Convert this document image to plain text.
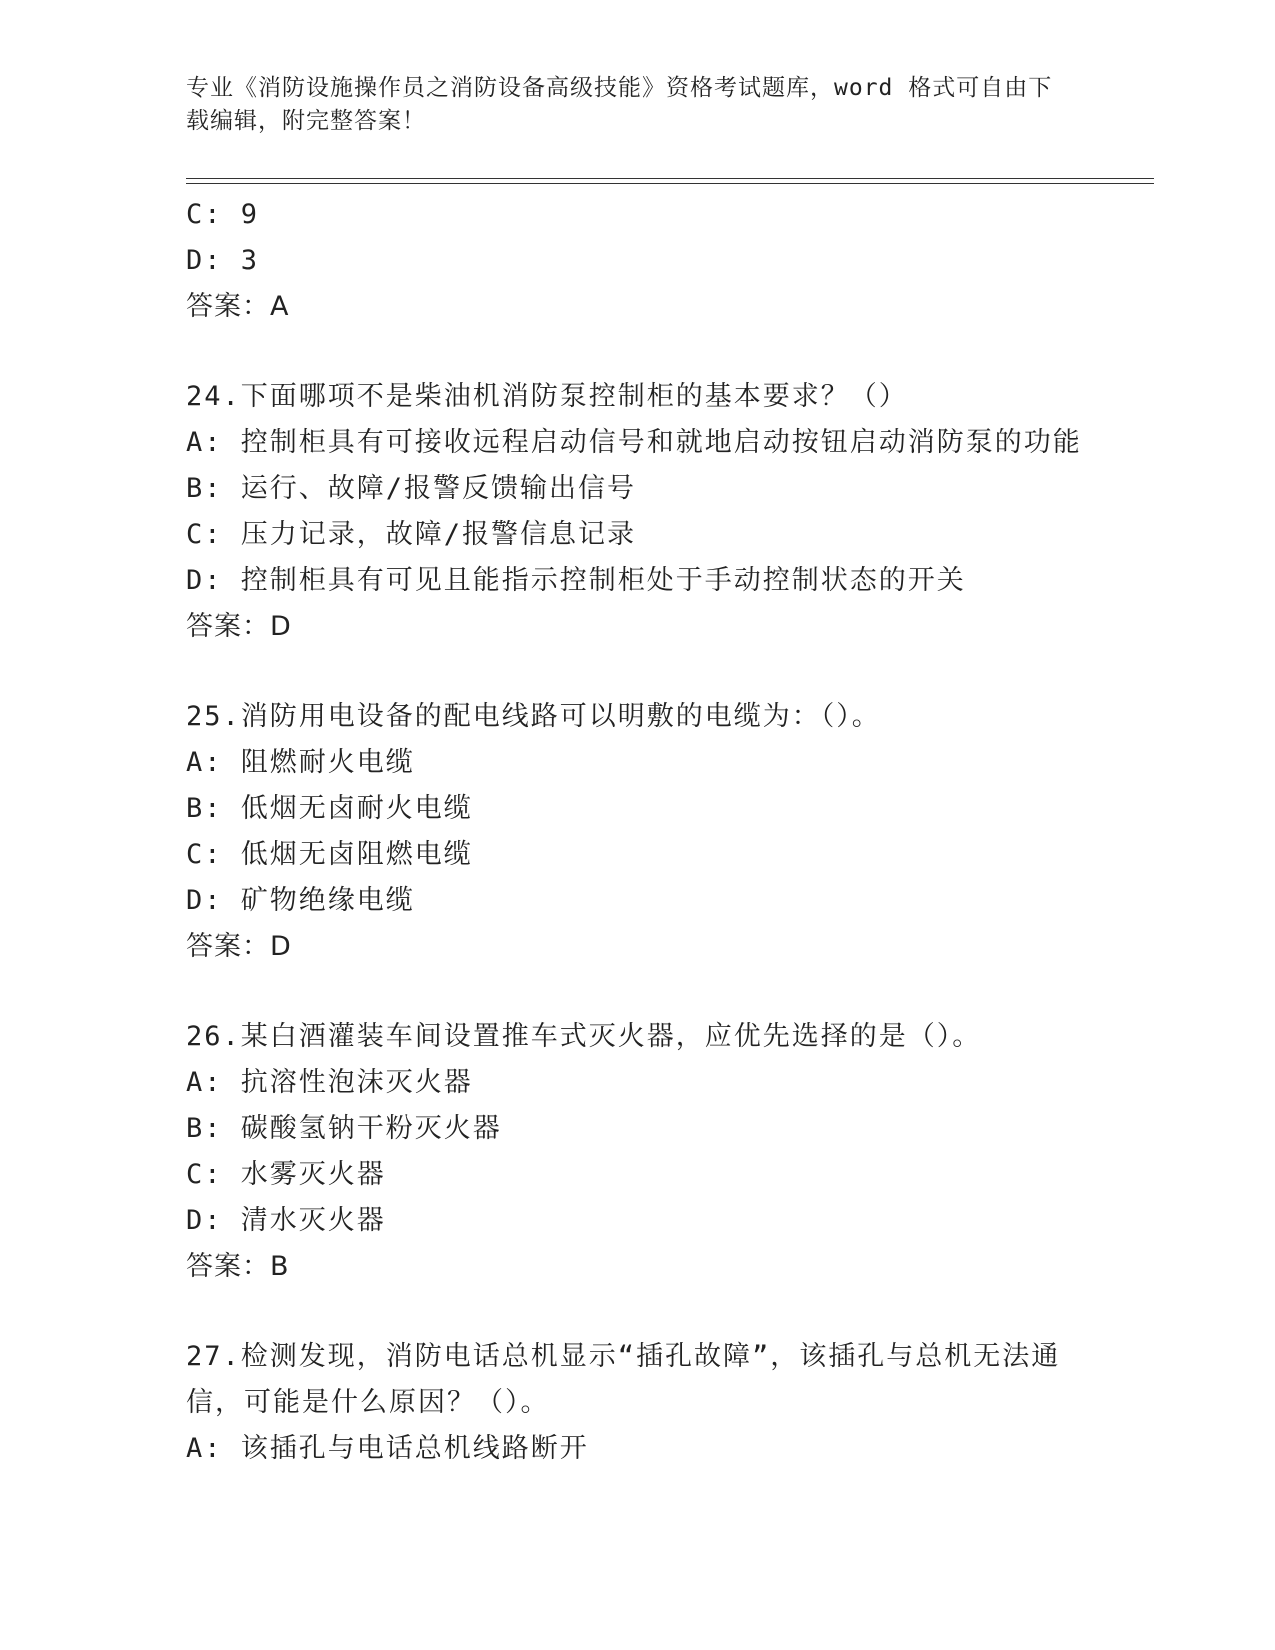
专业《消防设施操作员之消防设备高级技能》资格考试题库，word 格式可自由下
载编辑，附完整答案！
C: 9
D: 3
答案：A
24.下面哪项不是柴油机消防泵控制柜的基本要求？（）
A: 控制柜具有可接收远程启动信号和就地启动按钮启动消防泵的功能
B: 运行、故障/报警反馈输出信号
C: 压力记录，故障/报警信息记录
D: 控制柜具有可见且能指示控制柜处于手动控制状态的开关
答案：D
25.消防用电设备的配电线路可以明敷的电缆为：（）。
A: 阻燃耐火电缆
B: 低烟无卤耐火电缆
C: 低烟无卤阻燃电缆
D: 矿物绝缘电缆
答案：D
26.某白酒灌装车间设置推车式灭火器，应优先选择的是（）。
A: 抗溶性泡沫灭火器
B: 碳酸氢钠干粉灭火器
C: 水雾灭火器
D: 清水灭火器
答案：B
27.检测发现，消防电话总机显示“插孔故障”，该插孔与总机无法通
信，可能是什么原因？（）。
A: 该插孔与电话总机线路断开
